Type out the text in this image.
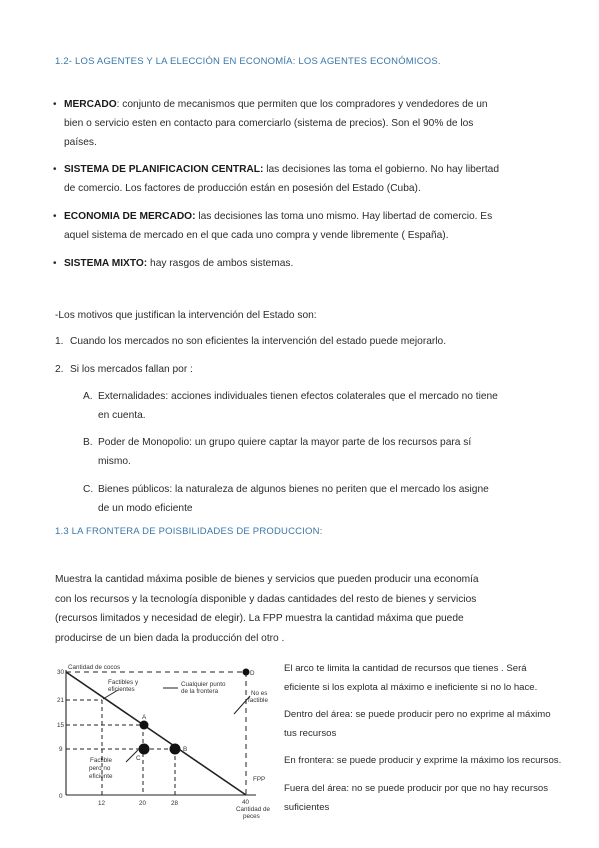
1.2- LOS AGENTES Y LA ELECCIÓN EN ECONOMÍA: LOS AGENTES ECONÓMICOS.
• MERCADO: conjunto de mecanismos que permiten que los compradores y vendedores de un
bien o servicio esten en contacto para comerciarlo (sistema de precios). Son el 90% de los
países.
• SISTEMA DE PLANIFICACION CENTRAL: las decisiones las toma el gobierno. No hay libertad
de comercio. Los factores de producción están en posesión del Estado (Cuba).
• ECONOMIA DE MERCADO: las decisiones las toma uno mismo. Hay libertad de comercio. Es
aquel sistema de mercado en el que cada uno compra y vende libremente ( España).
• SISTEMA MIXTO: hay rasgos de ambos sistemas.
-Los motivos que justifican la intervención del Estado son:
1. Cuando los mercados no son eficientes la intervención del estado puede mejorarlo.
2. Si los mercados fallan por :
A. Externalidades: acciones individuales tienen efectos colaterales que el mercado no tiene
en cuenta.
B. Poder de Monopolio: un grupo quiere captar la mayor parte de los recursos para sí
mismo.
C. Bienes públicos: la naturaleza de algunos bienes no periten que el mercado los asigne
de un modo eficiente
1.3 LA FRONTERA DE POISBILIDADES DE PRODUCCION:
Muestra la cantidad máxima posible de bienes y servicios que pueden producir una economía
con los recursos y la tecnología disponible y dadas cantidades del resto de bienes y servicios
(recursos limitados y necesidad de elegir). La FPP muestra la cantidad máxima que puede
producirse de un bien dada la producción del otro .
Cantidad de cocos
30
21
15
9
0
12	20	28	40
Cantidad de
peces
Factibles y
eficientes
Cualquier punto
de la frontera	No es
factible
Factible
pero no
eficiente	FPP
A
B
C
D	El arco te limita la cantidad de recursos que tienes . Será
eficiente si los explota al máximo e ineficiente si no lo hace.
Dentro del área: se puede producir pero no exprime al máximo
tus recursos
En frontera: se puede producir y exprime la máximo los recursos.
Fuera del área: no se puede producir por que no hay recursos
suficientes
